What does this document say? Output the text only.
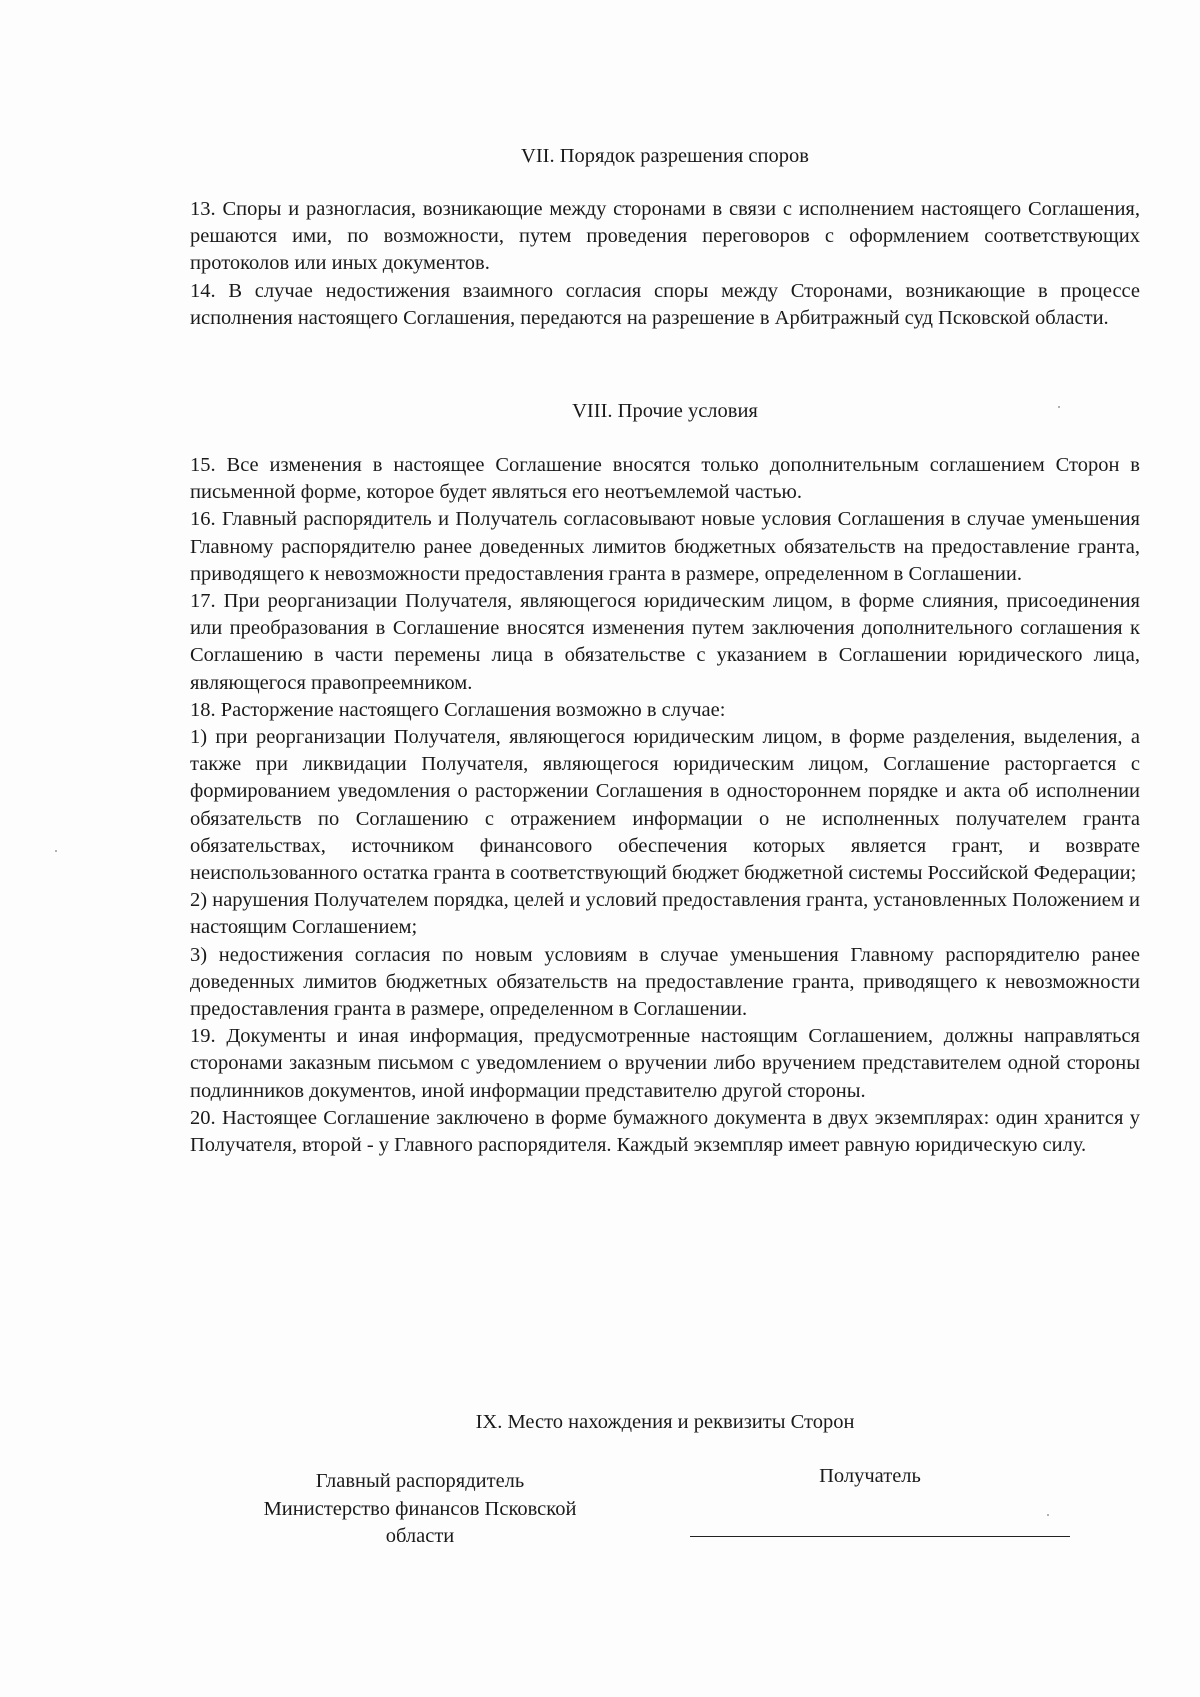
VII. Порядок разрешения споров

13. Споры и разногласия, возникающие между сторонами в связи с исполнением настоящего Соглашения, решаются ими, по возможности, путем проведения переговоров с оформлением соответствующих протоколов или иных документов.

14. В случае недостижения взаимного согласия споры между Сторонами, возникающие в процессе исполнения настоящего Соглашения, передаются на разрешение в Арбитражный суд Псковской области.

VIII. Прочие условия

15. Все изменения в настоящее Соглашение вносятся только дополнительным соглашением Сторон в письменной форме, которое будет являться его неотъемлемой частью.

16. Главный распорядитель и Получатель согласовывают новые условия Соглашения в случае уменьшения Главному распорядителю ранее доведенных лимитов бюджетных обязательств на предоставление гранта, приводящего к невозможности предоставления гранта в размере, определенном в Соглашении.

17. При реорганизации Получателя, являющегося юридическим лицом, в форме слияния, присоединения или преобразования в Соглашение вносятся изменения путем заключения дополнительного соглашения к Соглашению в части перемены лица в обязательстве с указанием в Соглашении юридического лица, являющегося правопреемником.

18. Расторжение настоящего Соглашения возможно в случае:

1) при реорганизации Получателя, являющегося юридическим лицом, в форме разделения, выделения, а также при ликвидации Получателя, являющегося юридическим лицом, Соглашение расторгается с формированием уведомления о расторжении Соглашения в одностороннем порядке и акта об исполнении обязательств по Соглашению с отражением информации о не исполненных получателем гранта обязательствах, источником финансового обеспечения которых является грант, и возврате неиспользованного остатка гранта в соответствующий бюджет бюджетной системы Российской Федерации;

2) нарушения Получателем порядка, целей и условий предоставления гранта, установленных Положением и настоящим Соглашением;

3) недостижения согласия по новым условиям в случае уменьшения Главному распорядителю ранее доведенных лимитов бюджетных обязательств на предоставление гранта, приводящего к невозможности предоставления гранта в размере, определенном в Соглашении.

19. Документы и иная информация, предусмотренные настоящим Соглашением, должны направляться сторонами заказным письмом с уведомлением о вручении либо вручением представителем одной стороны подлинников документов, иной информации представителю другой стороны.

20. Настоящее Соглашение заключено в форме бумажного документа в двух экземплярах: один хранится у Получателя, второй - у Главного распорядителя. Каждый экземпляр имеет равную юридическую силу.

IX. Место нахождения и реквизиты Сторон
Главный распорядитель
Министерство финансов Псковской
области
Получатель
